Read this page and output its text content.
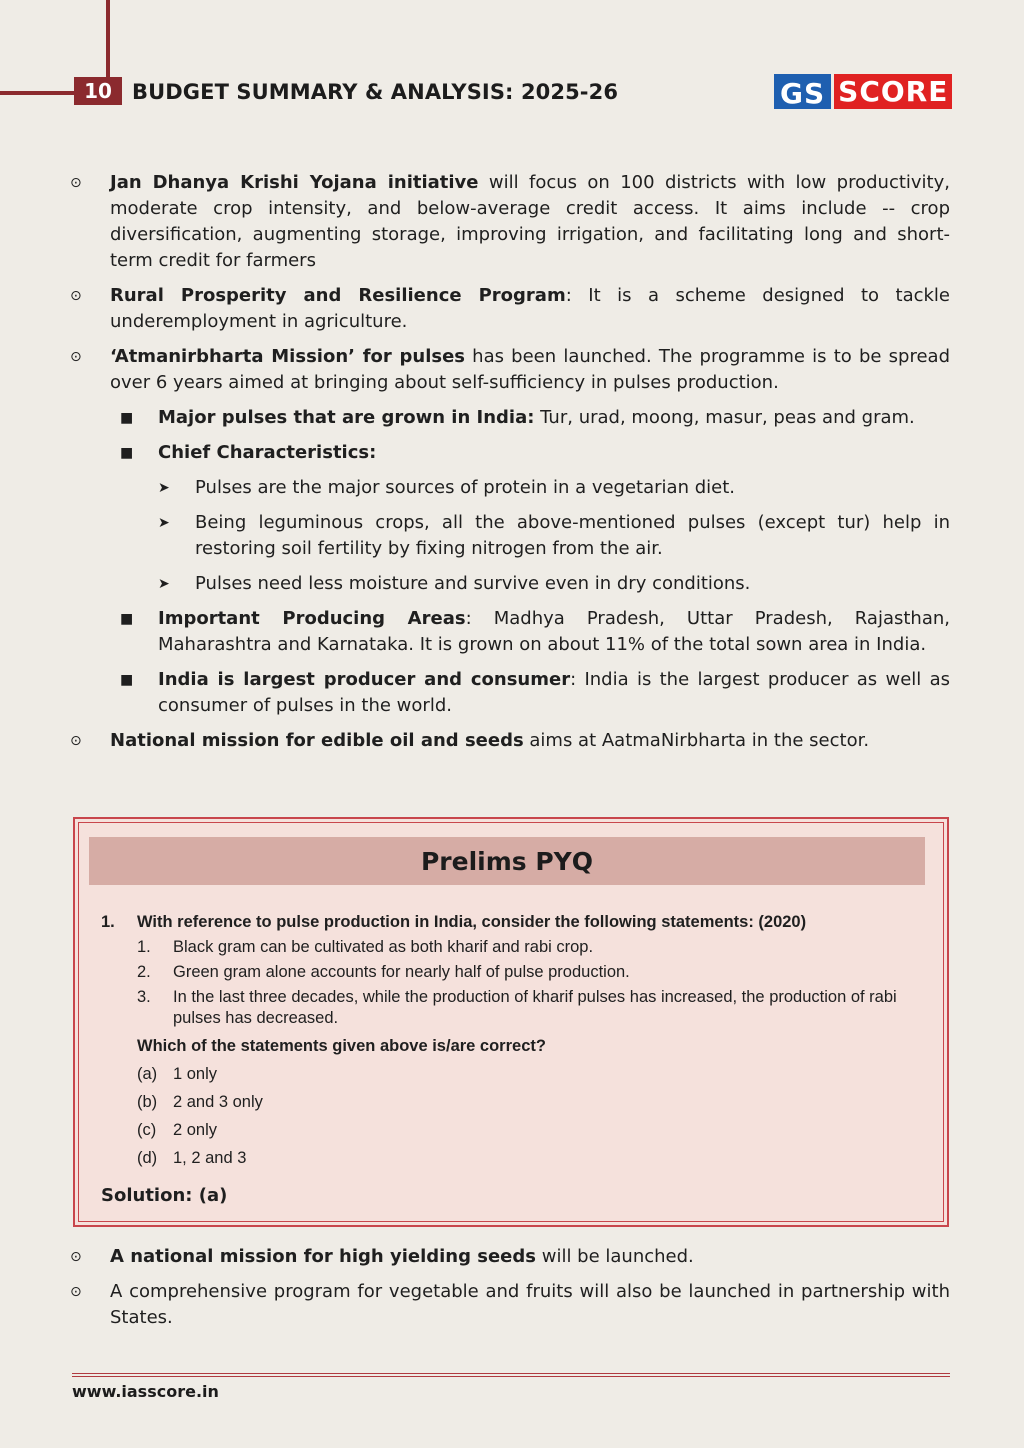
10 BUDGET SUMMARY & ANALYSIS: 2025-26	GS SCORE
⊙ Jan Dhanya Krishi Yojana initiative will focus on 100 districts with low productivity, moderate crop intensity, and below-average credit access. It aims include -- crop diversification, augmenting storage, improving irrigation, and facilitating long and short-term credit for farmers
⊙ Rural Prosperity and Resilience Program: It is a scheme designed to tackle underemployment in agriculture.
⊙ ‘Atmanirbharta Mission’ for pulses has been launched. The programme is to be spread over 6 years aimed at bringing about self-sufficiency in pulses production.
■ Major pulses that are grown in India: Tur, urad, moong, masur, peas and gram.
■ Chief Characteristics:
➤ Pulses are the major sources of protein in a vegetarian diet.
➤ Being leguminous crops, all the above-mentioned pulses (except tur) help in restoring soil fertility by fixing nitrogen from the air.
➤ Pulses need less moisture and survive even in dry conditions.
■ Important Producing Areas: Madhya Pradesh, Uttar Pradesh, Rajasthan, Maharashtra and Karnataka. It is grown on about 11% of the total sown area in India.
■ India is largest producer and consumer: India is the largest producer as well as consumer of pulses in the world.
⊙ National mission for edible oil and seeds aims at AatmaNirbharta in the sector.
Prelims PYQ
1. With reference to pulse production in India, consider the following statements: (2020)
1. Black gram can be cultivated as both kharif and rabi crop.
2. Green gram alone accounts for nearly half of pulse production.
3. In the last three decades, while the production of kharif pulses has increased, the production of rabi pulses has decreased.
Which of the statements given above is/are correct?
(a) 1 only
(b) 2 and 3 only
(c) 2 only
(d) 1, 2 and 3
Solution: (a)
⊙ A national mission for high yielding seeds will be launched.
⊙ A comprehensive program for vegetable and fruits will also be launched in partnership with States.
www.iasscore.in
